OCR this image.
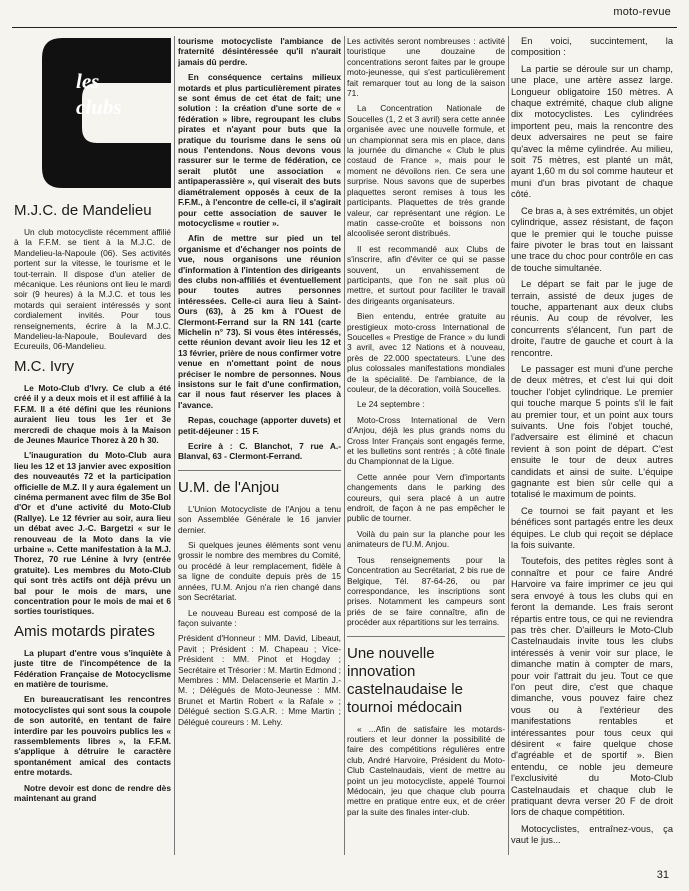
moto-revue
les
clubs
M.J.C. de Mandelieu

Un club motocycliste récemment affilié à la F.F.M. se tient à la M.J.C. de Mandelieu-la-Napoule (06). Ses activités portent sur la vitesse, le tourisme et le tout-terrain. Il dispose d'un atelier de mécanique. Les réunions ont lieu le mardi soir (9 heures) à la M.J.C. et tous les motards qui seraient intéressés y sont cordialement invités. Pour tous renseignements, écrire à la M.J.C. Mandelieu-la-Napoule, Boulevard des Ecureuils, 06-Mandelieu.

M.C. Ivry

Le Moto-Club d'Ivry. Ce club a été créé il y a deux mois et il est affilié à la F.F.M. Il a été défini que les réunions auraient lieu tous les 1er et 3e mercredi de chaque mois à la Maison de Jeunes Maurice Thorez à 20 h 30.

L'inauguration du Moto-Club aura lieu les 12 et 13 janvier avec exposition des nouveautés 72 et la participation officielle de M.Z. Il y aura également un cinéma permanent avec film de 35e Bol d'Or et d'une activité du Moto-Club (Rallye). Le 12 février au soir, aura lieu un débat avec J.-C. Bargetzi « sur le renouveau de la Moto dans la vie urbaine ». Cette manifestation à la M.J. Thorez, 70 rue Lénine à Ivry (entrée gratuite). Les membres du Moto-Club qui sont très actifs ont déjà prévu un bal pour le mois de mars, une concentration pour le mois de mai et 6 sorties touristiques.

Amis motards pirates

La plupart d'entre vous s'inquiète à juste titre de l'incompétence de la Fédération Française de Motocyclisme en matière de tourisme.

En bureaucratisant les rencontres motocyclistes qui sont sous la coupole de son autorité, en tentant de faire interdire par les pouvoirs publics les « rassemblements libres », la F.F.M. s'applique à détruire le caractère spontanément amical des contacts entre motards.

Notre devoir est donc de rendre dès maintenant au grand

tourisme motocycliste l'ambiance de fraternité désintéressée qu'il n'aurait jamais dû perdre.

En conséquence certains milieux motards et plus particulièrement pirates se sont émus de cet état de fait; une solution : la création d'une sorte de « fédération » libre, regroupant les clubs pirates et n'ayant pour buts que la pratique du tourisme dans le sens où nous l'entendons. Nous devons vous rassurer sur le terme de fédération, ce serait plutôt une association « antipaperassière », qui viserait des buts diamétralement opposés à ceux de la F.F.M., à l'encontre de celle-ci, il s'agirait pour cette association de sauver le motocyclisme « routier ».

Afin de mettre sur pied un tel organisme et d'échanger nos points de vue, nous organisons une réunion d'information à l'intention des dirigeants des clubs non-affiliés et éventuellement pour toutes autres personnes intéressées. Celle-ci aura lieu à Saint-Ours (63), à 25 km à l'Ouest de Clermont-Ferrand sur la RN 141 (carte Michelin n° 73). Si vous êtes intéressés, cette réunion devant avoir lieu les 12 et 13 février, prière de nous confirmer votre venue en n'omettant point de nous préciser le nombre de personnes. Nous insistons sur le fait d'une confirmation, car il nous faut réserver les places à l'avance.

Repas, couchage (apporter duvets) et petit-déjeuner : 15 F.

Ecrire à : C. Blanchot, 7 rue A.-Blanval, 63 - Clermont-Ferrand.

U.M. de l'Anjou

L'Union Motocycliste de l'Anjou a tenu son Assemblée Générale le 16 janvier dernier.

Si quelques jeunes éléments sont venu grossir le nombre des membres du Comité, ou procédé à leur remplacement, fidèle à sa ligne de conduite depuis près de 15 années, l'U.M. Anjou n'a rien changé dans son Secrétariat.

Le nouveau Bureau est composé de la façon suivante :

Président d'Honneur : MM. David, Libeaut, Pavit ; Président : M. Chapeau ; Vice-Président : MM. Pinot et Hogday ; Secrétaire et Trésorier : M. Martin Edmond ; Membres : MM. Delacenserie et Martin J.-M. ; Délégués de Moto-Jeunesse : MM. Brunet et Martin Robert « la Rafale » ; Délégué section S.G.A.R. : Mme Martin ; Délégué coureurs : M. Lehy.

Les activités seront nombreuses : activité touristique une douzaine de concentrations seront faites par le groupe moto-jeunesse, qui s'est particulièrement fait remarquer tout au long de la saison 71.

La Concentration Nationale de Soucelles (1, 2 et 3 avril) sera cette année organisée avec une nouvelle formule, et un championnat sera mis en place, dans la journée du dimanche « Club le plus costaud de France », mais pour le moment ne dévoilons rien. Ce sera une surprise. Nous savons que de superbes plaquettes seront remises à tous les participants. Plaquettes de très grande valeur, car représentant une région. Le matin casse-croûte et boissons non alcoolisée seront distribués.

Il est recommandé aux Clubs de s'inscrire, afin d'éviter ce qui se passe souvent, un envahissement de participants, que l'on ne sait plus où mettre, et surtout pour faciliter le travail des dirigeants organisateurs.

Bien entendu, entrée gratuite au prestigieux moto-cross International de Soucelles « Prestige de France » du lundi 3 avril, avec 12 Nations et à nouveau, près de 22.000 spectateurs. L'une des plus colossales manifestations mondiales de la spécialité. De l'ambiance, de la couleur, de la décoration, voilà Soucelles.

Le 24 septembre :

Moto-Cross International de Vern d'Anjou, déjà les plus grands noms du Cross Inter Français sont engagés ferme, et les bulletins sont rentrés ; à côté finale du Championnat de la Ligue.

Cette année pour Vern d'importants changements dans le parking des coureurs, qui sera placé à un autre endroit, de façon à ne pas empêcher le public de tourner.

Voilà du pain sur la planche pour les animateurs de l'U.M. Anjou.

Tous renseignements pour la Concentration au Secrétariat, 2 bis rue de Belgique, Tél. 87-64-26, ou par correspondance, les inscriptions sont prises. Notamment les campeurs sont priés de se faire connaître, afin de procéder aux répartitions sur les terrains.

Une nouvelle innovation castelnaudaise le tournoi médocain

« ...Afin de satisfaire les motards-routiers et leur donner la possibilité de faire des compétitions régulières entre club, André Harvoire, Président du Moto-Club Castelnaudais, vient de mettre au point un jeu motocycliste, appelé Tournoi Médocain, jeu que chaque club pourra mettre en pratique entre eux, et de créer par la suite des finales inter-club.

En voici, succintement, la composition :

La partie se déroule sur un champ, une place, une artère assez large. Longueur obligatoire 150 mètres. A chaque extrémité, chaque club aligne dix motocyclistes. Les cylindrées importent peu, mais la rencontre des deux adversaires ne peut se faire qu'avec la même cylindrée. Au milieu, soit 75 mètres, est planté un mât, ayant 1,60 m du sol comme hauteur et muni d'un bras pivotant de chaque côté.

Ce bras a, à ses extrémités, un objet cylindrique, assez résistant, de façon que le premier qui le touche puisse faire pivoter le bras tout en laissant une trace du choc pour contrôle en cas de touche simultanée.

Le départ se fait par le juge de terrain, assisté de deux juges de touche, appartenant aux deux clubs réunis. Au coup de révolver, les concurrents s'élancent, l'un part de droite, l'autre de gauche et court à la rencontre.

Le passager est muni d'une perche de deux mètres, et c'est lui qui doit toucher l'objet cylindrique. Le premier qui touche marque 5 points s'il le fait au premier tour, et un point aux tours suivants. Une fois l'objet touché, l'adversaire est éliminé et chacun revient à son point de départ. C'est ensuite le tour de deux autres candidats et ainsi de suite. L'équipe gagnante est bien sûr celle qui a totalisé le maximum de points.

Ce tournoi se fait payant et les bénéfices sont partagés entre les deux équipes. Le club qui reçoit se déplace la fois suivante.

Toutefois, des petites règles sont à connaître et pour ce faire André Harvoire va faire imprimer ce jeu qui sera envoyé à tous les clubs qui en feront la demande. Les frais seront répartis entre tous, ce qui ne reviendra pas très cher. D'ailleurs le Moto-Club Castelnaudais invite tous les clubs intéressés à venir voir sur place, le dimanche matin à compter de mars, pour voir l'attrait du jeu. Tout ce que l'on peut dire, c'est que chaque dimanche, vous pouvez faire chez vous ou à l'extérieur des manifestations rentables et intéressantes pour tous ceux qui désirent « faire quelque chose d'agréable et de sportif ». Bien entendu, ce noble jeu demeure l'exclusivité du Moto-Club Castelnaudais et chaque club le pratiquant devra verser 20 F de droit lors de chaque compétition.

Motocyclistes, entraînez-vous, ça vaut le jus...

31
